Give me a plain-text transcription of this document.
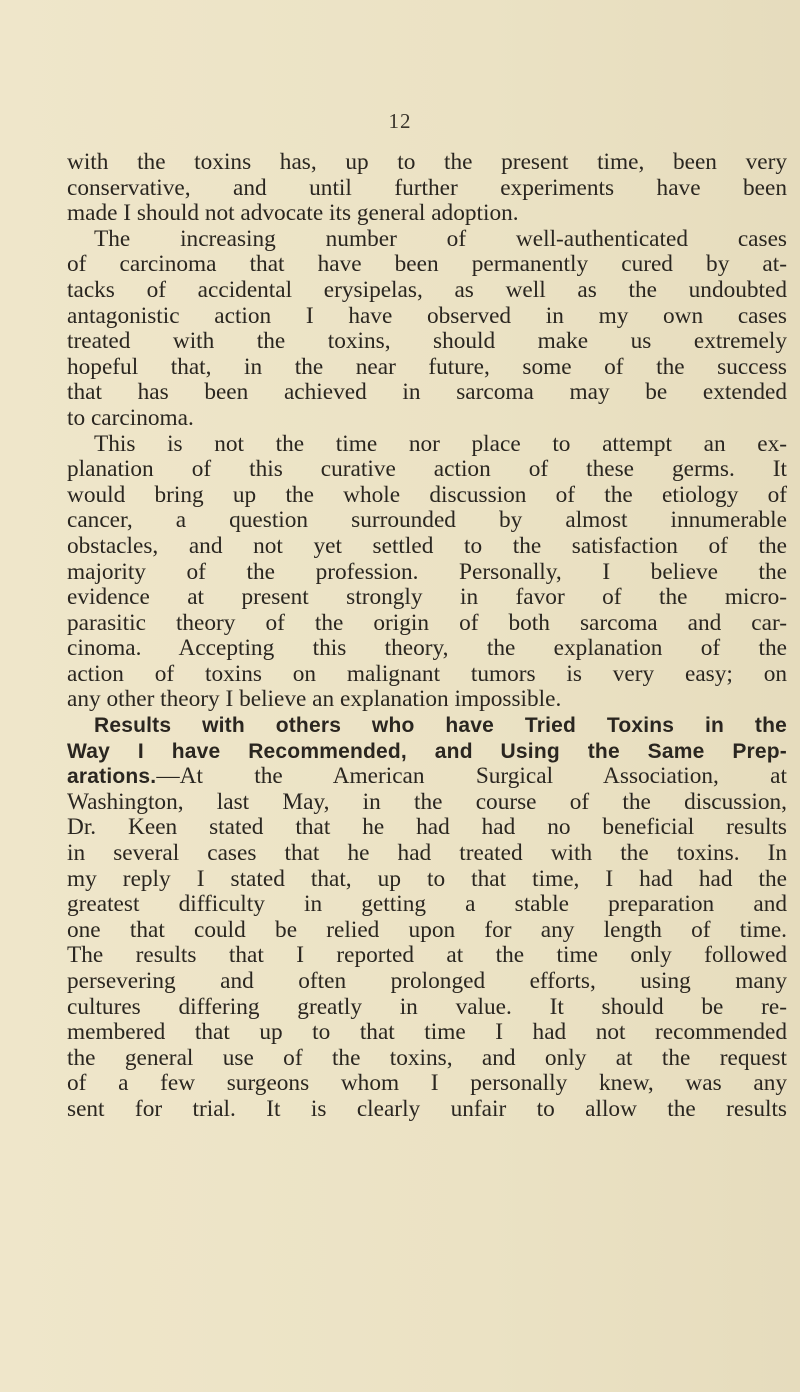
12
with the toxins has, up to the present time, been very
conservative, and until further experiments have been
made I should not advocate its general adoption.
The increasing number of well-authenticated cases
of carcinoma that have been permanently cured by at-
tacks of accidental erysipelas, as well as the undoubted
antagonistic action I have observed in my own cases
treated with the toxins, should make us extremely
hopeful that, in the near future, some of the success
that has been achieved in sarcoma may be extended
to carcinoma.
This is not the time nor place to attempt an ex-
planation of this curative action of these germs. It
would bring up the whole discussion of the etiology of
cancer, a question surrounded by almost innumerable
obstacles, and not yet settled to the satisfaction of the
majority of the profession. Personally, I believe the
evidence at present strongly in favor of the micro-
parasitic theory of the origin of both sarcoma and car-
cinoma. Accepting this theory, the explanation of the
action of toxins on malignant tumors is very easy; on
any other theory I believe an explanation impossible.
Results with others who have Tried Toxins in the
Way I have Recommended, and Using the Same Prep-
arations.—At the American Surgical Association, at
Washington, last May, in the course of the discussion,
Dr. Keen stated that he had had no beneficial results
in several cases that he had treated with the toxins. In
my reply I stated that, up to that time, I had had the
greatest difficulty in getting a stable preparation and
one that could be relied upon for any length of time.
The results that I reported at the time only followed
persevering and often prolonged efforts, using many
cultures differing greatly in value. It should be re-
membered that up to that time I had not recommended
the general use of the toxins, and only at the request
of a few surgeons whom I personally knew, was any
sent for trial. It is clearly unfair to allow the results
